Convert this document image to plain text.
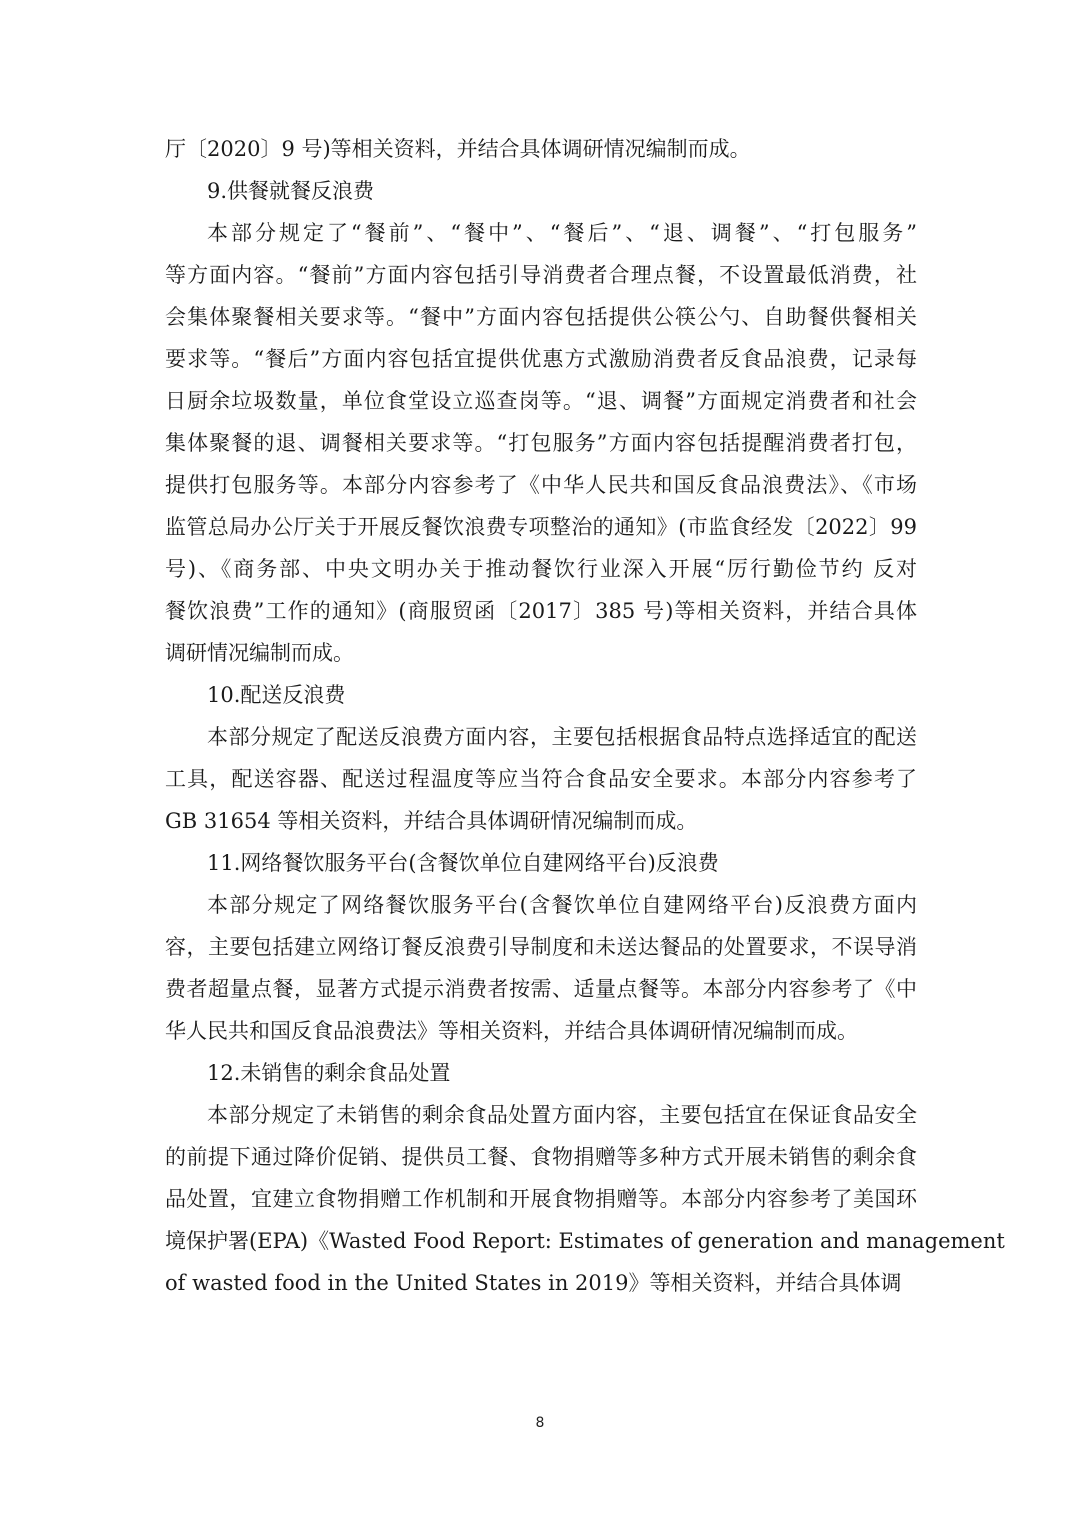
厅〔2020〕9 号)等相关资料，并结合具体调研情况编制而成。
9.供餐就餐反浪费
本部分规定了“餐前”、“餐中”、“餐后”、“退、调餐”、“打包服务”
等方面内容。“餐前”方面内容包括引导消费者合理点餐，不设置最低消费，社
会集体聚餐相关要求等。“餐中”方面内容包括提供公筷公勺、自助餐供餐相关
要求等。“餐后”方面内容包括宜提供优惠方式激励消费者反食品浪费，记录每
日厨余垃圾数量，单位食堂设立巡查岗等。“退、调餐”方面规定消费者和社会
集体聚餐的退、调餐相关要求等。“打包服务”方面内容包括提醒消费者打包，
提供打包服务等。本部分内容参考了《中华人民共和国反食品浪费法》、《市场
监管总局办公厅关于开展反餐饮浪费专项整治的通知》(市监食经发〔2022〕99
号)、《商务部、中央文明办关于推动餐饮行业深入开展“厉行勤俭节约 反对
餐饮浪费”工作的通知》(商服贸函〔2017〕385 号)等相关资料，并结合具体
调研情况编制而成。
10.配送反浪费
本部分规定了配送反浪费方面内容，主要包括根据食品特点选择适宜的配送
工具，配送容器、配送过程温度等应当符合食品安全要求。本部分内容参考了
GB 31654 等相关资料，并结合具体调研情况编制而成。
11.网络餐饮服务平台(含餐饮单位自建网络平台)反浪费
本部分规定了网络餐饮服务平台(含餐饮单位自建网络平台)反浪费方面内
容，主要包括建立网络订餐反浪费引导制度和未送达餐品的处置要求，不误导消
费者超量点餐，显著方式提示消费者按需、适量点餐等。本部分内容参考了《中
华人民共和国反食品浪费法》等相关资料，并结合具体调研情况编制而成。
12.未销售的剩余食品处置
本部分规定了未销售的剩余食品处置方面内容，主要包括宜在保证食品安全
的前提下通过降价促销、提供员工餐、食物捐赠等多种方式开展未销售的剩余食
品处置，宜建立食物捐赠工作机制和开展食物捐赠等。本部分内容参考了美国环
境保护署(EPA)《Wasted Food Report: Estimates of generation and management
of wasted food in the United States in 2019》等相关资料，并结合具体调
8
